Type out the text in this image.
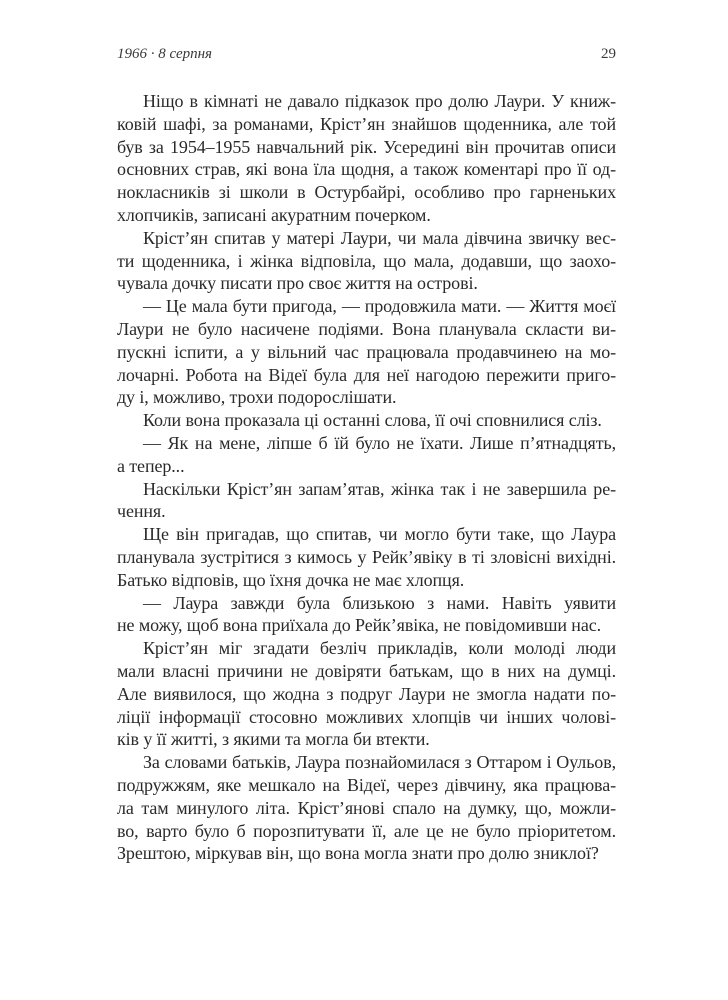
1966 · 8 серпня	29
Ніщо в кімнаті не давало підказок про долю Лаури. У книж-
ковій шафі, за романами, Кріст’ян знайшов щоденника, але той
був за 1954–1955 навчальний рік. Усередині він прочитав описи
основних страв, які вона їла щодня, а також коментарі про її од-
нокласників зі школи в Остурбайрі, особливо про гарненьких
хлопчиків, записані акуратним почерком.
Кріст’ян спитав у матері Лаури, чи мала дівчина звичку вес-
ти щоденника, і жінка відповіла, що мала, додавши, що заохо-
чувала дочку писати про своє життя на острові.
— Це мала бути пригода, — продовжила мати. — Життя моєї
Лаури не було насичене подіями. Вона планувала скласти ви-
пускні іспити, а у вільний час працювала продавчинею на мо-
лочарні. Робота на Відеї була для неї нагодою пережити приго-
ду і, можливо, трохи подорослішати.
Коли вона проказала ці останні слова, її очі сповнилися сліз.
— Як на мене, ліпше б їй було не їхати. Лише п’ятнадцять,
а тепер...
Наскільки Кріст’ян запам’ятав, жінка так і не завершила ре-
чення.
Ще він пригадав, що спитав, чи могло бути таке, що Лаура
планувала зустрітися з кимось у Рейк’явіку в ті зловісні вихідні.
Батько відповів, що їхня дочка не має хлопця.
— Лаура завжди була близькою з нами. Навіть уявити
не можу, щоб вона приїхала до Рейк’явіка, не повідомивши нас.
Кріст’ян міг згадати безліч прикладів, коли молоді люди
мали власні причини не довіряти батькам, що в них на думці.
Але виявилося, що жодна з подруг Лаури не змогла надати по-
ліції інформації стосовно можливих хлопців чи інших чолові-
ків у її житті, з якими та могла би втекти.
За словами батьків, Лаура познайомилася з Оттаром і Оульов,
подружжям, яке мешкало на Відеї, через дівчину, яка працюва-
ла там минулого літа. Кріст’янові спало на думку, що, можли-
во, варто було б порозпитувати її, але це не було пріоритетом.
Зрештою, міркував він, що вона могла знати про долю зниклої?
